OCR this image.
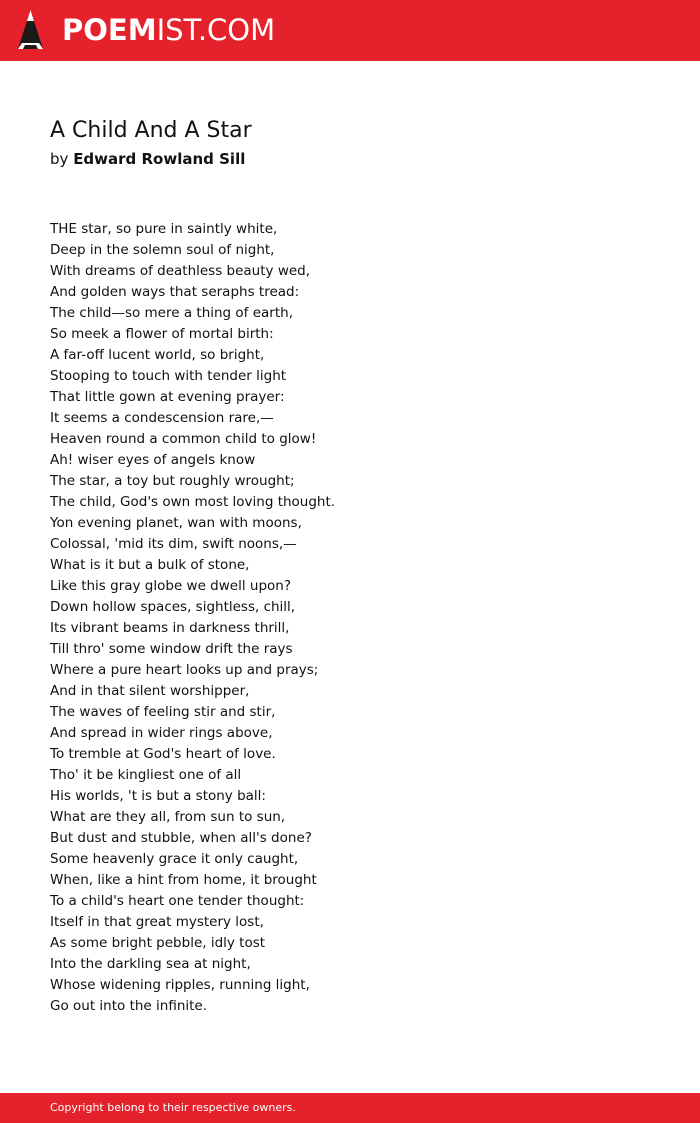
POEMIST.COM
A Child And A Star
by Edward Rowland Sill
THE star, so pure in saintly white,
Deep in the solemn soul of night,
With dreams of deathless beauty wed,
And golden ways that seraphs tread:
The child—so mere a thing of earth,
So meek a flower of mortal birth:
A far-off lucent world, so bright,
Stooping to touch with tender light
That little gown at evening prayer:
It seems a condescension rare,—
Heaven round a common child to glow!
Ah! wiser eyes of angels know
The star, a toy but roughly wrought;
The child, God's own most loving thought.
Yon evening planet, wan with moons,
Colossal, 'mid its dim, swift noons,—
What is it but a bulk of stone,
Like this gray globe we dwell upon?
Down hollow spaces, sightless, chill,
Its vibrant beams in darkness thrill,
Till thro' some window drift the rays
Where a pure heart looks up and prays;
And in that silent worshipper,
The waves of feeling stir and stir,
And spread in wider rings above,
To tremble at God's heart of love.
Tho' it be kingliest one of all
His worlds, 't is but a stony ball:
What are they all, from sun to sun,
But dust and stubble, when all's done?
Some heavenly grace it only caught,
When, like a hint from home, it brought
To a child's heart one tender thought:
Itself in that great mystery lost,
As some bright pebble, idly tost
Into the darkling sea at night,
Whose widening ripples, running light,
Go out into the infinite.
Copyright belong to their respective owners.
